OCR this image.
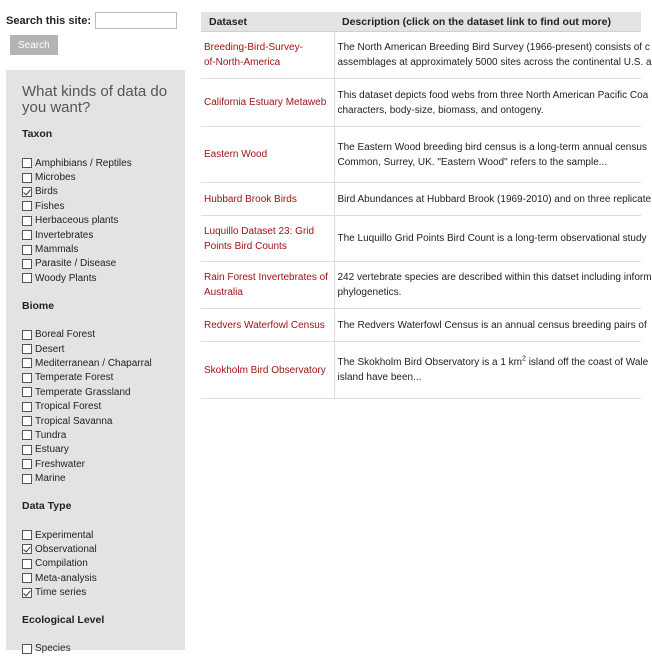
Search this site:
Search
What kinds of data do you want?
Taxon
Amphibians / Reptiles
Microbes
Birds
Fishes
Herbaceous plants
Invertebrates
Mammals
Parasite / Disease
Woody Plants
Biome
Boreal Forest
Desert
Mediterranean / Chaparral
Temperate Forest
Temperate Grassland
Tropical Forest
Tropical Savanna
Tundra
Estuary
Freshwater
Marine
Data Type
Experimental
Observational
Compilation
Meta-analysis
Time series
Ecological Level
Species
Dataset	Description (click on the dataset link to find out more)

Breeding-Bird-Survey-
of-North-America	The North American Breeding Bird Survey (1966-present) consists of c
assemblages at approximately 5000 sites across the continental U.S. a

California Estuary Metaweb	This dataset depicts food webs from three North American Pacific Coa
characters, body-size, biomass, and ontogeny.

Eastern Wood	The Eastern Wood breeding bird census is a long-term annual census
Common, Surrey, UK. "Eastern Wood" refers to the sample...

Hubbard Brook Birds	Bird Abundances at Hubbard Brook (1969-2010) and on three replicate

Luquillo Dataset 23: Grid
Points Bird Counts	The Luquillo Grid Points Bird Count is a long-term observational study

Rain Forest Invertebrates of
Australia	242 vertebrate species are described within this datset including inform
phylogenetics.

Redvers Waterfowl Census	The Redvers Waterfowl Census is an annual census breeding pairs of

Skokholm Bird Observatory	The Skokholm Bird Observatory is a 1 $km^2$ island off the coast of Wale
island have been...
